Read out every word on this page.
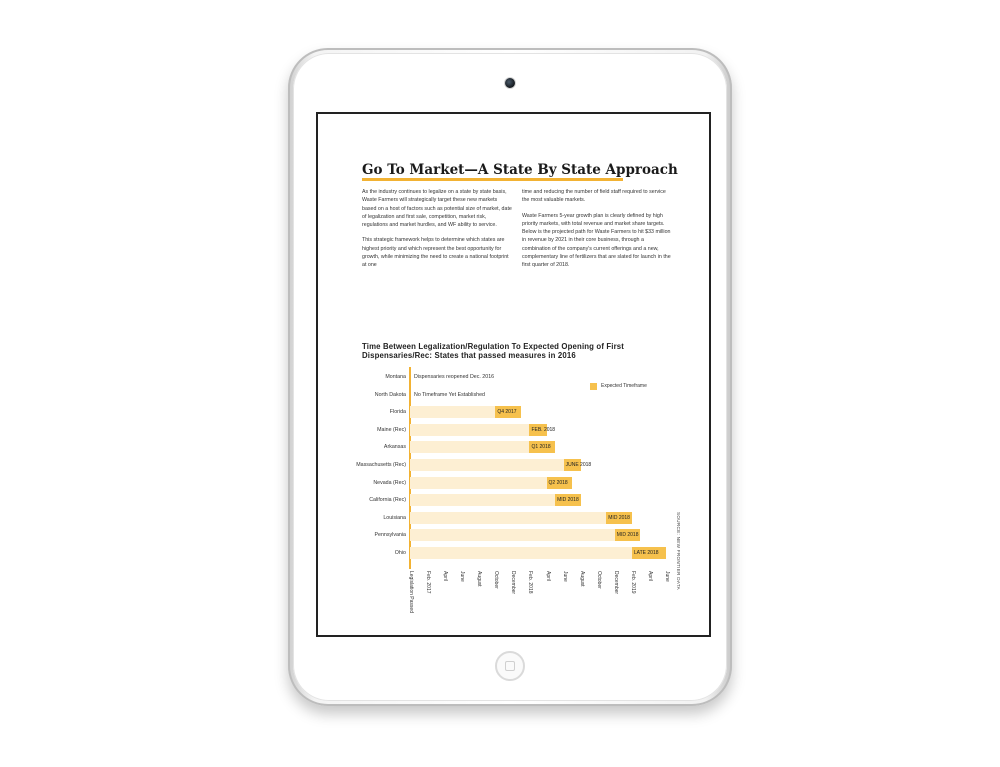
Go To Market—A State By State Approach

As the industry continues to legalize on a state by state basis, Waste Farmers will strategically target these new markets based on a host of factors such as potential size of market, date of legalization and first sale, competition, market risk, regulations and market hurdles, and WF ability to service.

This strategic framework helps to determine which states are highest priority and which represent the best opportunity for growth, while minimizing the need to create a national footprint at one

time and reducing the number of field staff required to service the most valuable markets.

Waste Farmers 5-year growth plan is clearly defined by high priority markets, with total revenue and market share targets. Below is the projected path for Waste Farmers to hit $33 million in revenue by 2021 in their core business, through a combination of the company's current offerings and a new, complementary line of fertilizers that are slated for launch in the first quarter of 2018.

Time Between Legalization/Regulation To Expected Opening of First Dispensaries/Rec: States that passed measures in 2016
Expected Timeframe
SOURCE: NEW FRONTIER DATA
Montana Dispensaries reopened Dec. 2016
North Dakota No Timeframe Yet Established
Florida	Q4 2017
Maine (Rec)	FEB. 2018
Arkansas	Q1 2018
Massachusetts (Rec)	JUNE 2018
Nevada (Rec)	Q2 2018
California (Rec)	MID 2018
Louisiana	MID 2018
Pennsylvania	MID 2018
Ohio	LATE 2018
Legislation Passed Feb. 2017 April June August October December Feb. 2018 April June August October December Feb. 2019 April June
